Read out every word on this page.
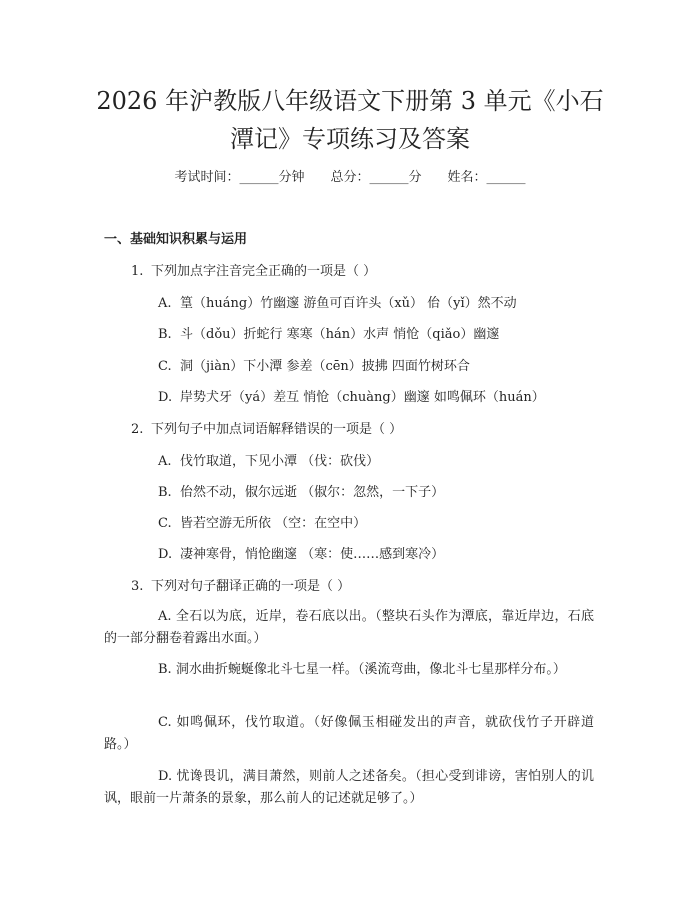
2026 年沪教版八年级语文下册第 3 单元《小石潭记》专项练习及答案
考试时间：______分钟 总分：______分 姓名：______
一、基础知识积累与运用
1. 下列加点字注音完全正确的一项是（ ）
A. 篁（huáng）竹幽邃 游鱼可百许头（xǔ） 佁（yǐ）然不动
B. 斗（dǒu）折蛇行 寒寒（hán）水声 悄怆（qiǎo）幽邃
C. 洞（jiàn）下小潭 参差（cēn）披拂 四面竹树环合
D. 岸势犬牙（yá）差互 悄怆（chuàng）幽邃 如鸣佩环（huán）
2. 下列句子中加点词语解释错误的一项是（ ）
A. 伐竹取道，下见小潭 （伐：砍伐）
B. 佁然不动，俶尔远逝 （俶尔：忽然，一下子）
C. 皆若空游无所依 （空：在空中）
D. 凄神寒骨，悄怆幽邃 （寒：使……感到寒冷）
3. 下列对句子翻译正确的一项是（ ）

A. 全石以为底，近岸，卷石底以出。（整块石头作为潭底，靠近岸边，石底的一部分翻卷着露出水面。）

B. 洞水曲折蜿蜒像北斗七星一样。（溪流弯曲，像北斗七星那样分布。）

C. 如鸣佩环，伐竹取道。（好像佩玉相碰发出的声音，就砍伐竹子开辟道路。）

D. 忧谗畏讥，满目萧然，则前人之述备矣。（担心受到诽谤，害怕别人的讥讽，眼前一片萧条的景象，那么前人的记述就足够了。）
